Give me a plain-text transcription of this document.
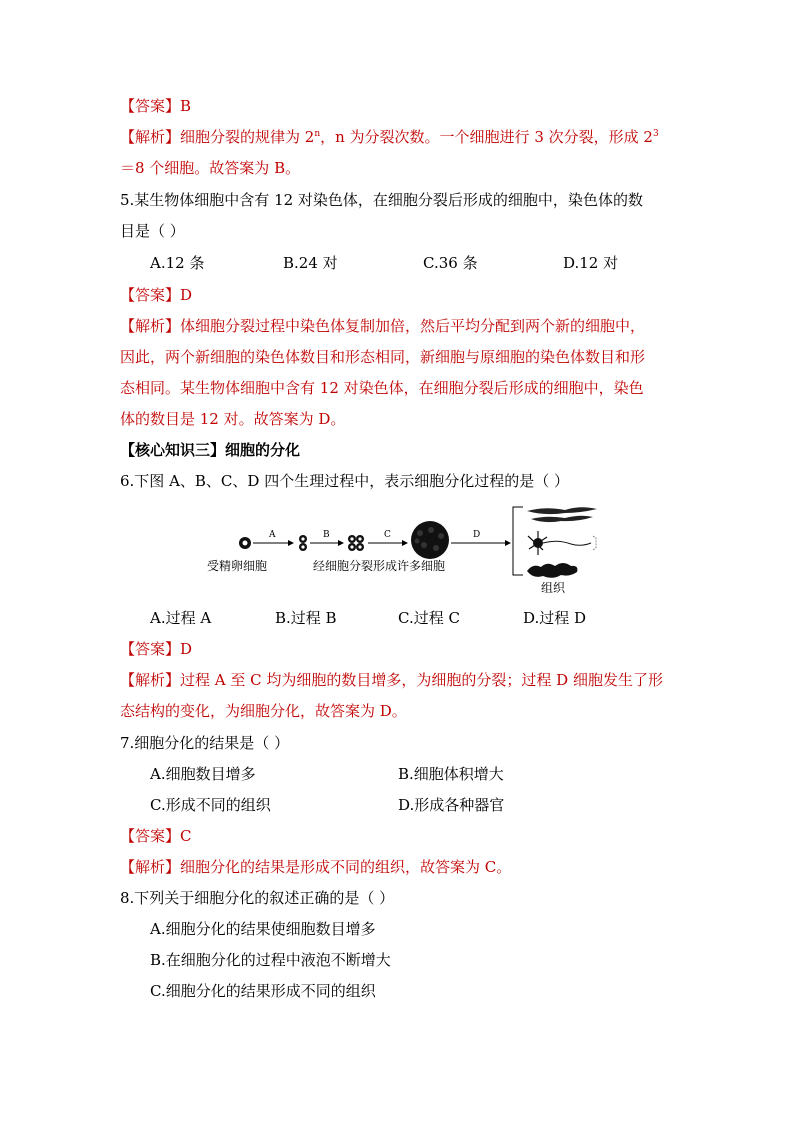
【答案】B
【解析】细胞分裂的规律为 2$^n$，n 为分裂次数。一个细胞进行 3 次分裂，形成 $2^3$
＝8 个细胞。故答案为 B。
5.某生物体细胞中含有 12 对染色体，在细胞分裂后形成的细胞中，染色体的数
目是（ ）
A.12 条	B.24 对	C.36 条	D.12 对
【答案】D
【解析】体细胞分裂过程中染色体复制加倍，然后平均分配到两个新的细胞中，
因此，两个新细胞的染色体数目和形态相同，新细胞与原细胞的染色体数目和形
态相同。某生物体细胞中含有 12 对染色体，在细胞分裂后形成的细胞中，染色
体的数目是 12 对。故答案为 D。
【核心知识三】细胞的分化
6.下图 A、B、C、D 四个生理过程中，表示细胞分化过程的是（ ）
A	B	C	D
受精卵细胞	经细胞分裂形成许多细胞
组织
A.过程 A	B.过程 B	C.过程 C	D.过程 D
【答案】D
【解析】过程 A 至 C 均为细胞的数目增多，为细胞的分裂；过程 D 细胞发生了形
态结构的变化，为细胞分化，故答案为 D。
7.细胞分化的结果是（ ）
A.细胞数目增多	B.细胞体积增大
C.形成不同的组织	D.形成各种器官
【答案】C
【解析】细胞分化的结果是形成不同的组织，故答案为 C。
8.下列关于细胞分化的叙述正确的是（ ）
A.细胞分化的结果使细胞数目增多
B.在细胞分化的过程中液泡不断增大
C.细胞分化的结果形成不同的组织
